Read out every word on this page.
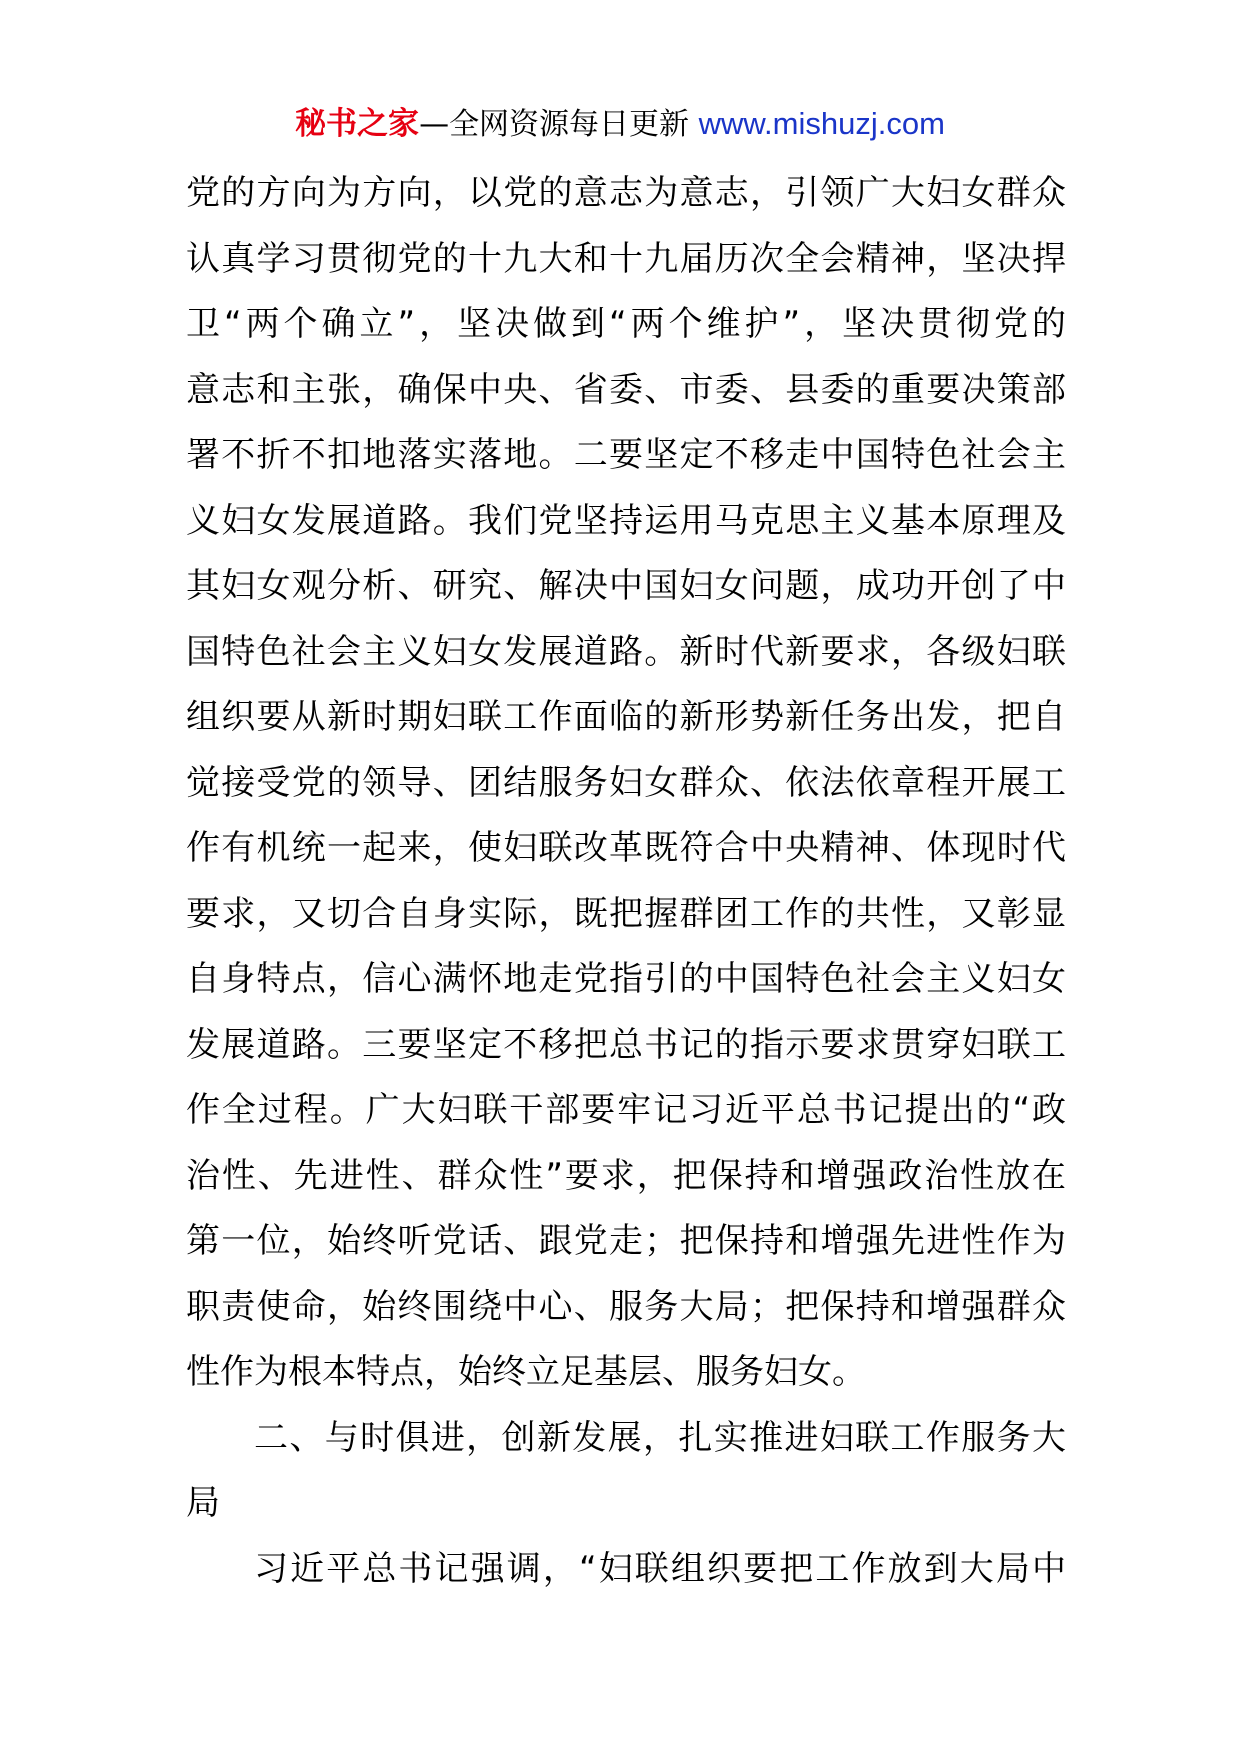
秘书之家—全网资源每日更新 www.mishuzj.com
党的方向为方向，以党的意志为意志，引领广大妇女群众
认真学习贯彻党的十九大和十九届历次全会精神，坚决捍
卫“两个确立”，坚决做到“两个维护”，坚决贯彻党的
意志和主张，确保中央、省委、市委、县委的重要决策部
署不折不扣地落实落地。二要坚定不移走中国特色社会主
义妇女发展道路。我们党坚持运用马克思主义基本原理及
其妇女观分析、研究、解决中国妇女问题，成功开创了中
国特色社会主义妇女发展道路。新时代新要求，各级妇联
组织要从新时期妇联工作面临的新形势新任务出发，把自
觉接受党的领导、团结服务妇女群众、依法依章程开展工
作有机统一起来，使妇联改革既符合中央精神、体现时代
要求，又切合自身实际，既把握群团工作的共性，又彰显
自身特点，信心满怀地走党指引的中国特色社会主义妇女
发展道路。三要坚定不移把总书记的指示要求贯穿妇联工
作全过程。广大妇联干部要牢记习近平总书记提出的“政
治性、先进性、群众性”要求，把保持和增强政治性放在
第一位，始终听党话、跟党走；把保持和增强先进性作为
职责使命，始终围绕中心、服务大局；把保持和增强群众
性作为根本特点，始终立足基层、服务妇女。
二、与时俱进，创新发展，扎实推进妇联工作服务大
局
习近平总书记强调，“妇联组织要把工作放到大局中
